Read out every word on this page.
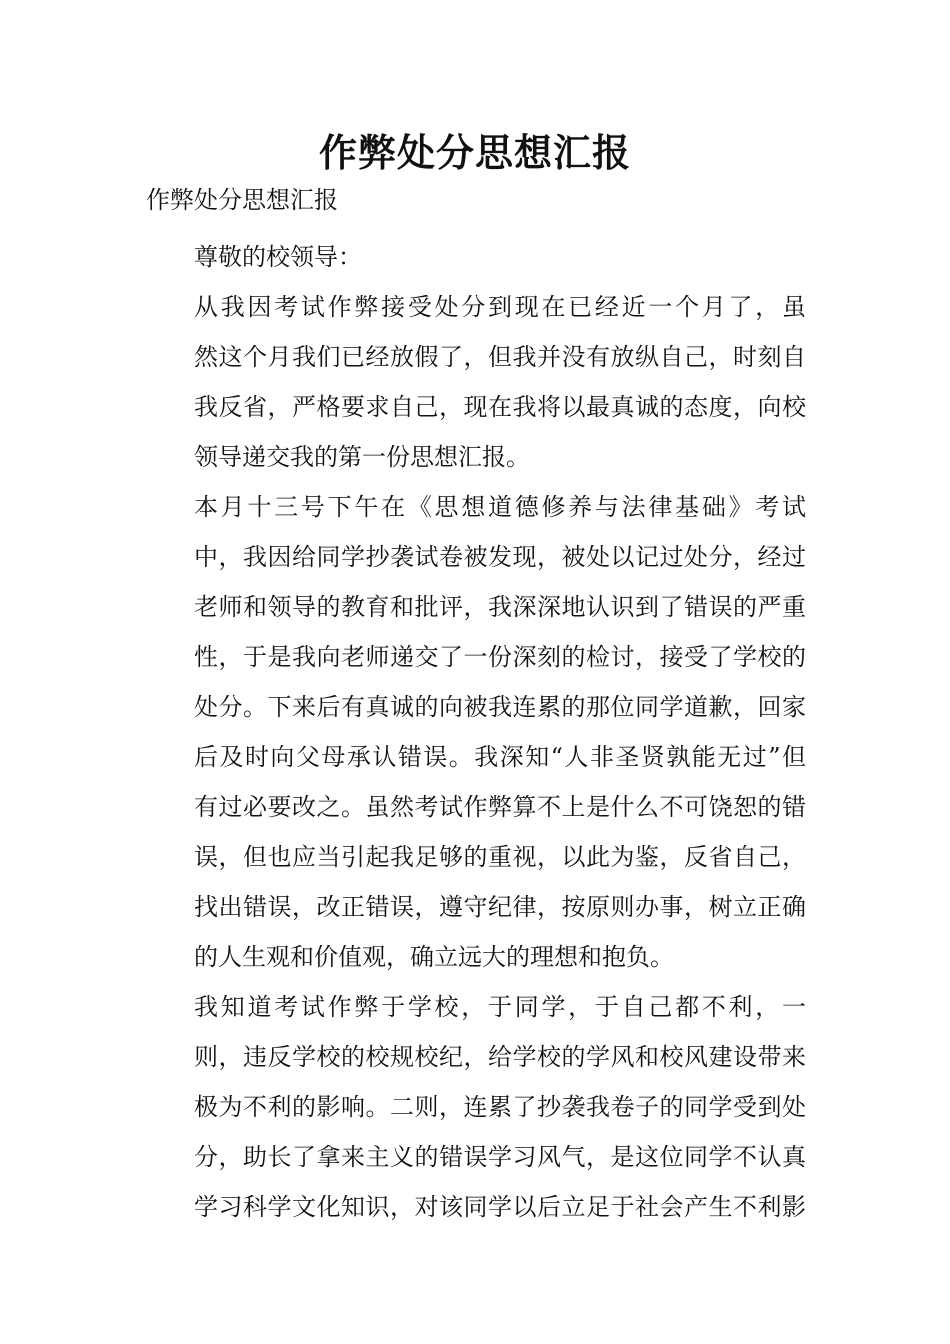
作弊处分思想汇报
作弊处分思想汇报
尊敬的校领导：
从我因考试作弊接受处分到现在已经近一个月了，虽
然这个月我们已经放假了，但我并没有放纵自己，时刻自
我反省，严格要求自己，现在我将以最真诚的态度，向校
领导递交我的第一份思想汇报。
本月十三号下午在《思想道德修养与法律基础》考试
中，我因给同学抄袭试卷被发现，被处以记过处分，经过
老师和领导的教育和批评，我深深地认识到了错误的严重
性，于是我向老师递交了一份深刻的检讨，接受了学校的
处分。下来后有真诚的向被我连累的那位同学道歉，回家
后及时向父母承认错误。我深知“人非圣贤孰能无过”但
有过必要改之。虽然考试作弊算不上是什么不可饶恕的错
误，但也应当引起我足够的重视，以此为鉴，反省自己，
找出错误，改正错误，遵守纪律，按原则办事，树立正确
的人生观和价值观，确立远大的理想和抱负。
我知道考试作弊于学校，于同学，于自己都不利，一
则，违反学校的校规校纪，给学校的学风和校风建设带来
极为不利的影响。二则，连累了抄袭我卷子的同学受到处
分，助长了拿来主义的错误学习风气，是这位同学不认真
学习科学文化知识，对该同学以后立足于社会产生不利影
